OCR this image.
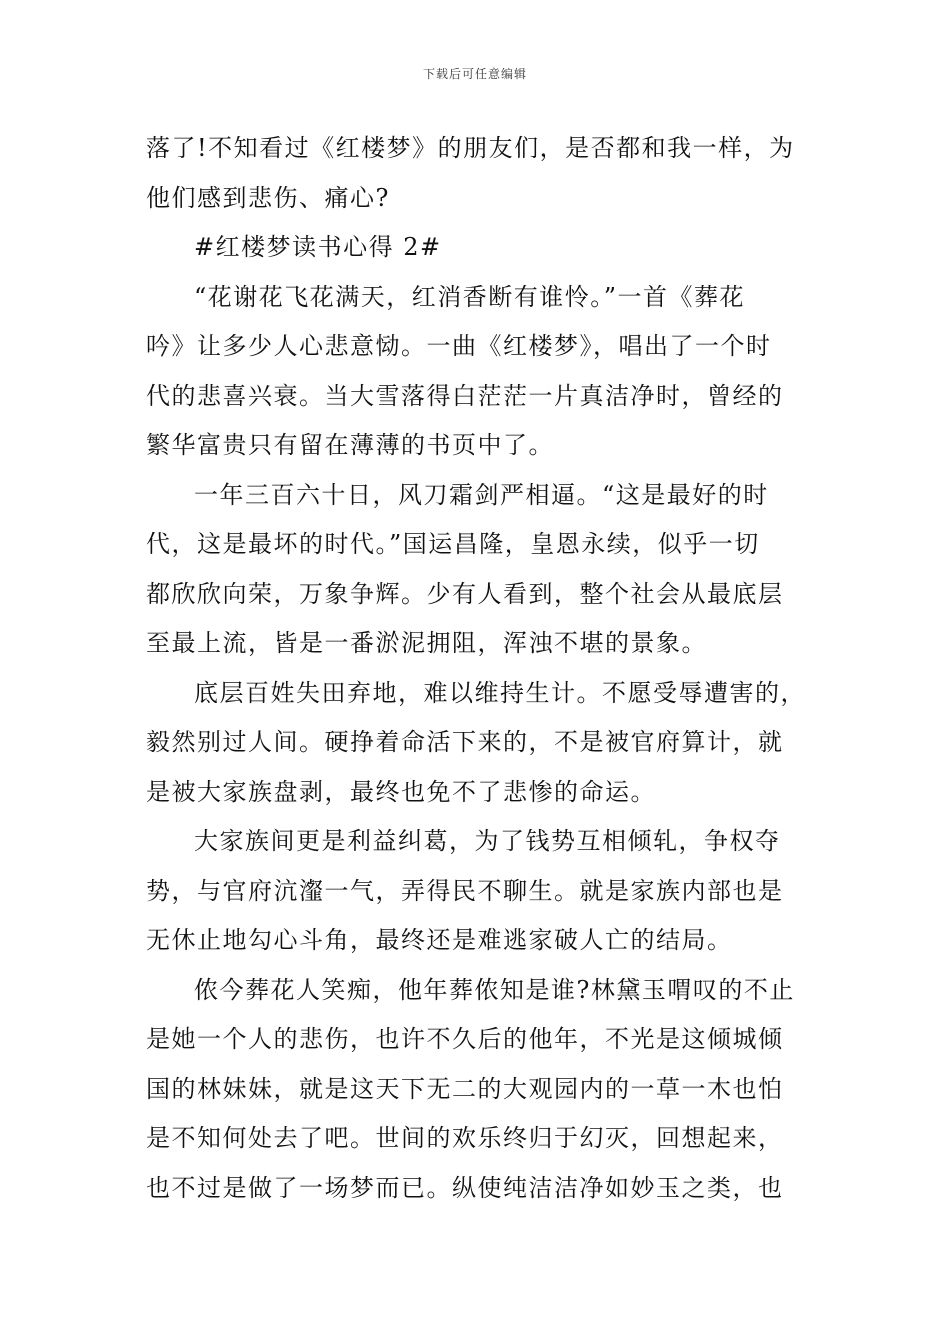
下载后可任意编辑
落了!不知看过《红楼梦》的朋友们，是否都和我一样，为
他们感到悲伤、痛心?
#红楼梦读书心得 2#
“花谢花飞花满天，红消香断有谁怜。”一首《葬花
吟》让多少人心悲意恸。一曲《红楼梦》，唱出了一个时
代的悲喜兴衰。当大雪落得白茫茫一片真洁净时，曾经的
繁华富贵只有留在薄薄的书页中了。
一年三百六十日，风刀霜剑严相逼。“这是最好的时
代，这是最坏的时代。”国运昌隆，皇恩永续，似乎一切
都欣欣向荣，万象争辉。少有人看到，整个社会从最底层
至最上流，皆是一番淤泥拥阻，浑浊不堪的景象。
底层百姓失田弃地，难以维持生计。不愿受辱遭害的，
毅然别过人间。硬挣着命活下来的，不是被官府算计，就
是被大家族盘剥，最终也免不了悲惨的命运。
大家族间更是利益纠葛，为了钱势互相倾轧，争权夺
势，与官府沆瀣一气，弄得民不聊生。就是家族内部也是
无休止地勾心斗角，最终还是难逃家破人亡的结局。
侬今葬花人笑痴，他年葬侬知是谁?林黛玉喟叹的不止
是她一个人的悲伤，也许不久后的他年，不光是这倾城倾
国的林妹妹，就是这天下无二的大观园内的一草一木也怕
是不知何处去了吧。世间的欢乐终归于幻灭，回想起来，
也不过是做了一场梦而已。纵使纯洁洁净如妙玉之类，也
